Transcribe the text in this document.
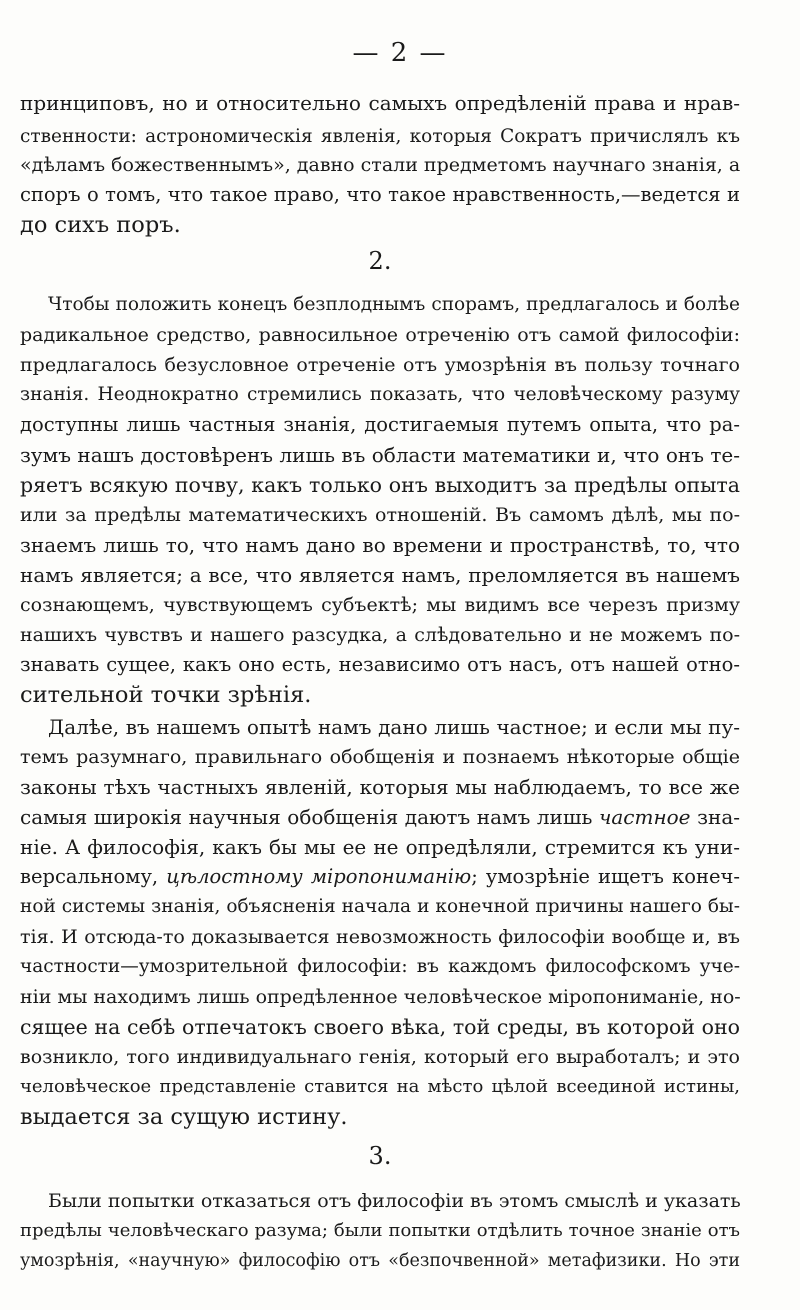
— 2 —
принциповъ, но и относительно самыхъ опредѣленій права и нрав-
ственности: астрономическія явленія, которыя Сократъ причислялъ къ
«дѣламъ божественнымъ», давно стали предметомъ научнаго знанія, а
споръ о томъ, что такое право, что такое нравственность,—ведется и
до сихъ поръ.
2.
Чтобы положить конецъ безплоднымъ спорамъ, предлагалось и болѣе
радикальное средство, равносильное отреченію отъ самой философіи:
предлагалось безусловное отреченіе отъ умозрѣнія въ пользу точнаго
знанія. Неоднократно стремились показать, что человѣческому разуму
доступны лишь частныя знанія, достигаемыя путемъ опыта, что ра-
зумъ нашъ достовѣренъ лишь въ области математики и, что онъ те-
ряетъ всякую почву, какъ только онъ выходитъ за предѣлы опыта
или за предѣлы математическихъ отношеній. Въ самомъ дѣлѣ, мы по-
знаемъ лишь то, что намъ дано во времени и пространствѣ, то, что
намъ является; а все, что является намъ, преломляется въ нашемъ
сознающемъ, чувствующемъ субъектѣ; мы видимъ все черезъ призму
нашихъ чувствъ и нашего разсудка, а слѣдовательно и не можемъ по-
знавать сущее, какъ оно есть, независимо отъ насъ, отъ нашей отно-
сительной точки зрѣнія.
Далѣе, въ нашемъ опытѣ намъ дано лишь частное; и если мы пу-
темъ разумнаго, правильнаго обобщенія и познаемъ нѣкоторые общіе
законы тѣхъ частныхъ явленій, которыя мы наблюдаемъ, то все же
самыя широкія научныя обобщенія даютъ намъ лишь частное зна-
ніе. А философія, какъ бы мы ее не опредѣляли, стремится къ уни-
версальному, цѣлостному міропониманію; умозрѣніе ищетъ конеч-
ной системы знанія, объясненія начала и конечной причины нашего бы-
тія. И отсюда-то доказывается невозможность философіи вообще и, въ
частности—умозрительной философіи: въ каждомъ философскомъ уче-
ніи мы находимъ лишь опредѣленное человѣческое міропониманіе, но-
сящее на себѣ отпечатокъ своего вѣка, той среды, въ которой оно
возникло, того индивидуальнаго генія, который его выработалъ; и это
человѣческое представленіе ставится на мѣсто цѣлой всеединой истины,
выдается за сущую истину.
3.
Были попытки отказаться отъ философіи въ этомъ смыслѣ и указать
предѣлы человѣческаго разума; были попытки отдѣлить точное знаніе отъ
умозрѣнія, «научную» философію отъ «безпочвенной» метафизики. Но эти
